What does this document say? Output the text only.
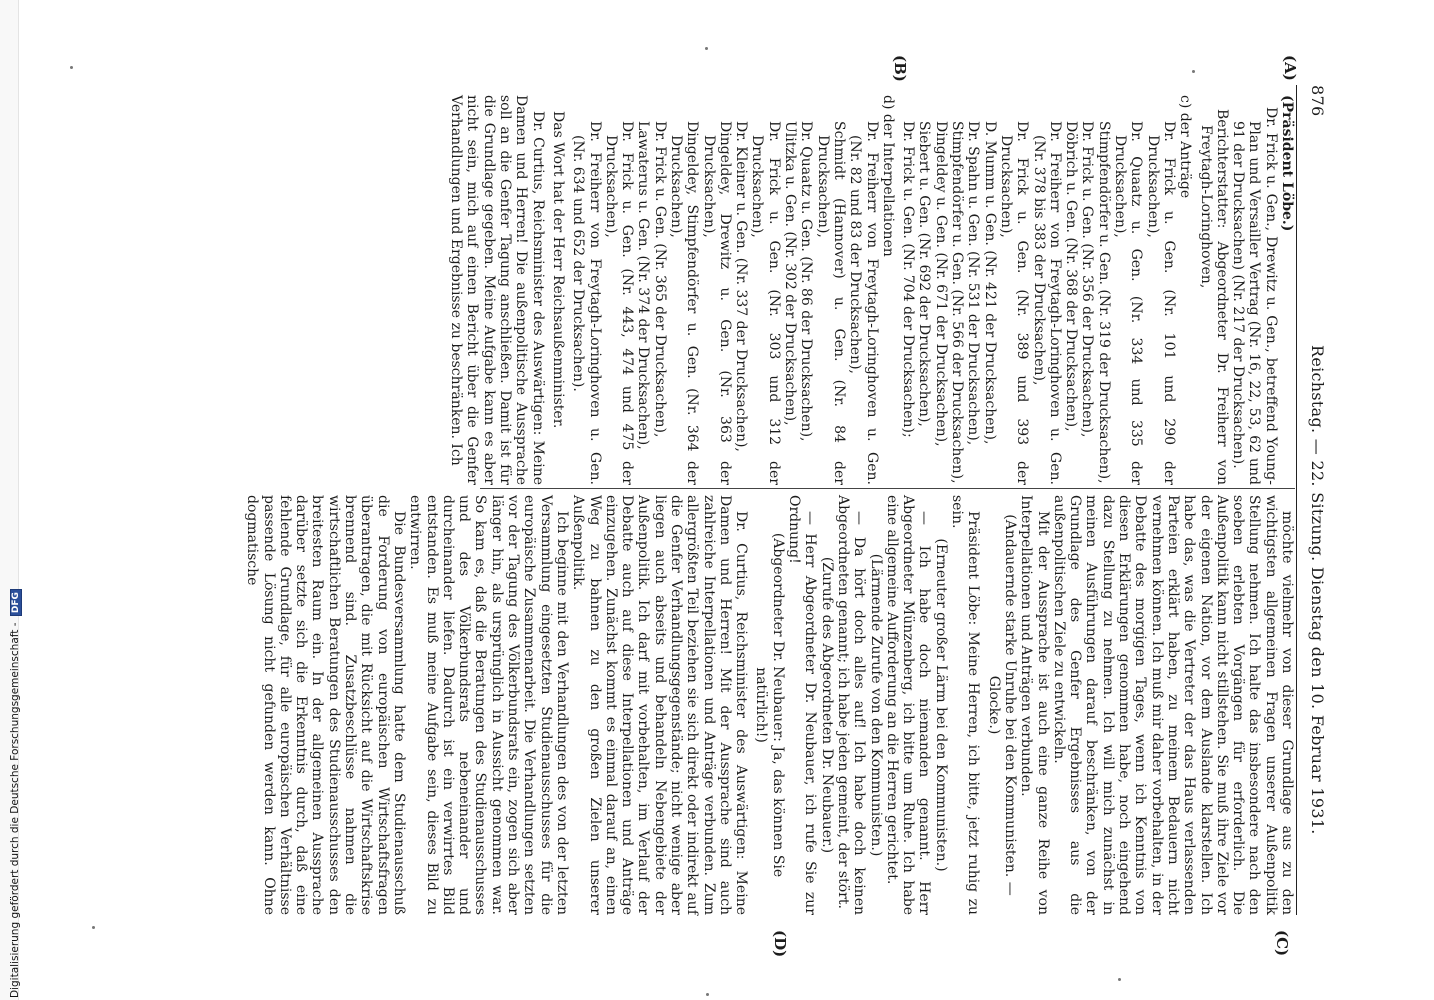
Digitalisierung gefördert durch die Deutsche Forschungsgemeinschaft - DFG
876
Reichstag. — 22. Sitzung. Dienstag den 10. Februar 1931.
(A)
(B)
(C)
(D)

(Präsident Löbe.)

Dr. Frick u. Gen., Drewitz u. Gen., betreffend Young-Plan und Versailler Vertrag (Nr. 16, 22, 53, 62 und 91 der Drucksachen) (Nr. 217 der Drucksachen).

Berichterstatter: Abgeordneter Dr. Freiherr von Freytagh-Loringhoven,

c) der Anträge

Dr. Frick u. Gen. (Nr. 101 und 290 der Drucksachen),

Dr. Quaatz u. Gen. (Nr. 334 und 335 der Drucksachen),

Stimpfendörfer u. Gen. (Nr. 319 der Drucksachen),

Dr. Frick u. Gen. (Nr. 356 der Drucksachen),

Döbrich u. Gen. (Nr. 368 der Drucksachen),

Dr. Freiherr von Freytagh-Loringhoven u. Gen. (Nr. 378 bis 383 der Drucksachen),

Dr. Frick u. Gen. (Nr. 389 und 393 der Drucksachen),

D. Mumm u. Gen. (Nr. 421 der Drucksachen),

Dr. Spahn u. Gen. (Nr. 531 der Drucksachen),

Stimpfendörfer u. Gen. (Nr. 566 der Drucksachen),

Dingeldey u. Gen. (Nr. 671 der Drucksachen),

Siebert u. Gen. (Nr. 692 der Drucksachen),

Dr. Frick u. Gen. (Nr. 704 der Drucksachen);

d) der Interpellationen

Dr. Freiherr von Freytagh-Loringhoven u. Gen. (Nr. 82 und 83 der Drucksachen),

Schmidt (Hannover) u. Gen. (Nr. 84 der Drucksachen),

Dr. Quaatz u. Gen. (Nr. 86 der Drucksachen),

Ulitzka u. Gen. (Nr. 302 der Drucksachen),

Dr. Frick u. Gen. (Nr. 303 und 312 der Drucksachen),

Dr. Kleiner u. Gen. (Nr. 337 der Drucksachen),

Dingeldey, Drewitz u. Gen. (Nr. 363 der Drucksachen),

Dingeldey, Stimpfendörfer u. Gen. (Nr. 364 der Drucksachen),

Dr. Frick u. Gen. (Nr. 365 der Drucksachen),

Lawaterus u. Gen. (Nr. 374 der Drucksachen),

Dr. Frick u. Gen. (Nr. 443, 474 und 475 der Drucksachen),

Dr. Freiherr von Freytagh-Loringhoven u. Gen. (Nr. 634 und 652 der Drucksachen).

Das Wort hat der Herr Reichsaußenminister.

Dr. Curtius, Reichsminister des Auswärtigen: Meine Damen und Herren! Die außenpolitische Aussprache soll an die Genfer Tagung anschließen. Damit ist für die Grundlage gegeben. Meine Aufgabe kann es aber nicht sein, mich auf einen Bericht über die Genfer Verhandlungen und Ergebnisse zu beschränken. Ich

möchte vielmehr von dieser Grundlage aus zu den wichtigsten allgemeinen Fragen unserer Außenpolitik Stellung nehmen. Ich halte das insbesondere nach den soeben erlebten Vorgängen für erforderlich. Die Außenpolitik kann nicht stillstehen. Sie muß ihre Ziele vor der eigenen Nation, vor dem Auslande klarstellen. Ich habe das, was die Vertreter der das Haus verlassenden Parteien erklärt haben, zu meinem Bedauern nicht vernehmen können. Ich muß mir daher vorbehalten, in der Debatte des morgigen Tages, wenn ich Kenntnis von diesen Erklärungen genommen habe, noch eingehend dazu Stellung zu nehmen. Ich will mich zunächst in meinen Ausführungen darauf beschränken, von der Grundlage des Genfer Ergebnisses aus die außenpolitischen Ziele zu entwickeln.

Mit der Aussprache ist auch eine ganze Reihe von Interpellationen und Anträgen verbunden.

(Andauernde starke Unruhe bei den Kommunisten. — Glocke.)

Präsident Löbe: Meine Herren, ich bitte, jetzt ruhig zu sein.

(Erneuter großer Lärm bei den Kommunisten.)

— Ich habe doch niemanden genannt. Herr Abgeordneter Münzenberg, ich bitte um Ruhe. Ich habe eine allgemeine Aufforderung an die Herren gerichtet.

(Lärmende Zurufe von den Kommunisten.)

— Da hört doch alles auf! Ich habe doch keinen Abgeordneten genannt; ich habe jeden gemeint, der stört.

(Zurufe des Abgeordneten Dr. Neubauer.)

— Herr Abgeordneter Dr. Neubauer, ich rufe Sie zur Ordnung!

(Abgeordneter Dr. Neubauer: Ja, das können Sie natürlich!)

Dr. Curtius, Reichsminister des Auswärtigen: Meine Damen und Herren! Mit der Aussprache sind auch zahlreiche Interpellationen und Anträge verbunden. Zum allergrößten Teil beziehen sie sich direkt oder indirekt auf die Genfer Verhandlungsgegenstände; nicht wenige aber liegen auch abseits und behandeln Nebengebiete der Außenpolitik. Ich darf mit vorbehalten, im Verlauf der Debatte auch auf diese Interpellationen und Anträge einzugehen. Zunächst kommt es einmal darauf an, einen Weg zu bahnen zu den großen Zielen unserer Außenpolitik.

Ich beginne mit den Verhandlungen des von der letzten Versammlung eingesetzten Studienausschusses für die europäische Zusammenarbeit. Die Verhandlungen setzten vor der Tagung des Völkerbundsrats ein, zogen sich aber länger hin, als ursprünglich in Aussicht genommen war. So kam es, daß die Beratungen des Studienausschusses und des Völkerbundsrats nebeneinander und durcheinander liefen. Dadurch ist ein verwirrtes Bild entstanden. Es muß meine Aufgabe sein, dieses Bild zu entwirren.

Die Bundesversammlung hatte dem Studienausschuß die Forderung von europäischen Wirtschaftsfragen überantragen, die mit Rücksicht auf die Wirtschaftskrise brennend sind. Zusatzbeschlüsse nahmen die wirtschaftlichen Beratungen des Studienausschusses den breitesten Raum ein. In der allgemeinen Aussprache darüber setzte sich die Erkenntnis durch, daß eine fehlende Grundlage, für alle europäischen Verhältnisse passende Lösung nicht gefunden werden kann. Ohne dogmatische
